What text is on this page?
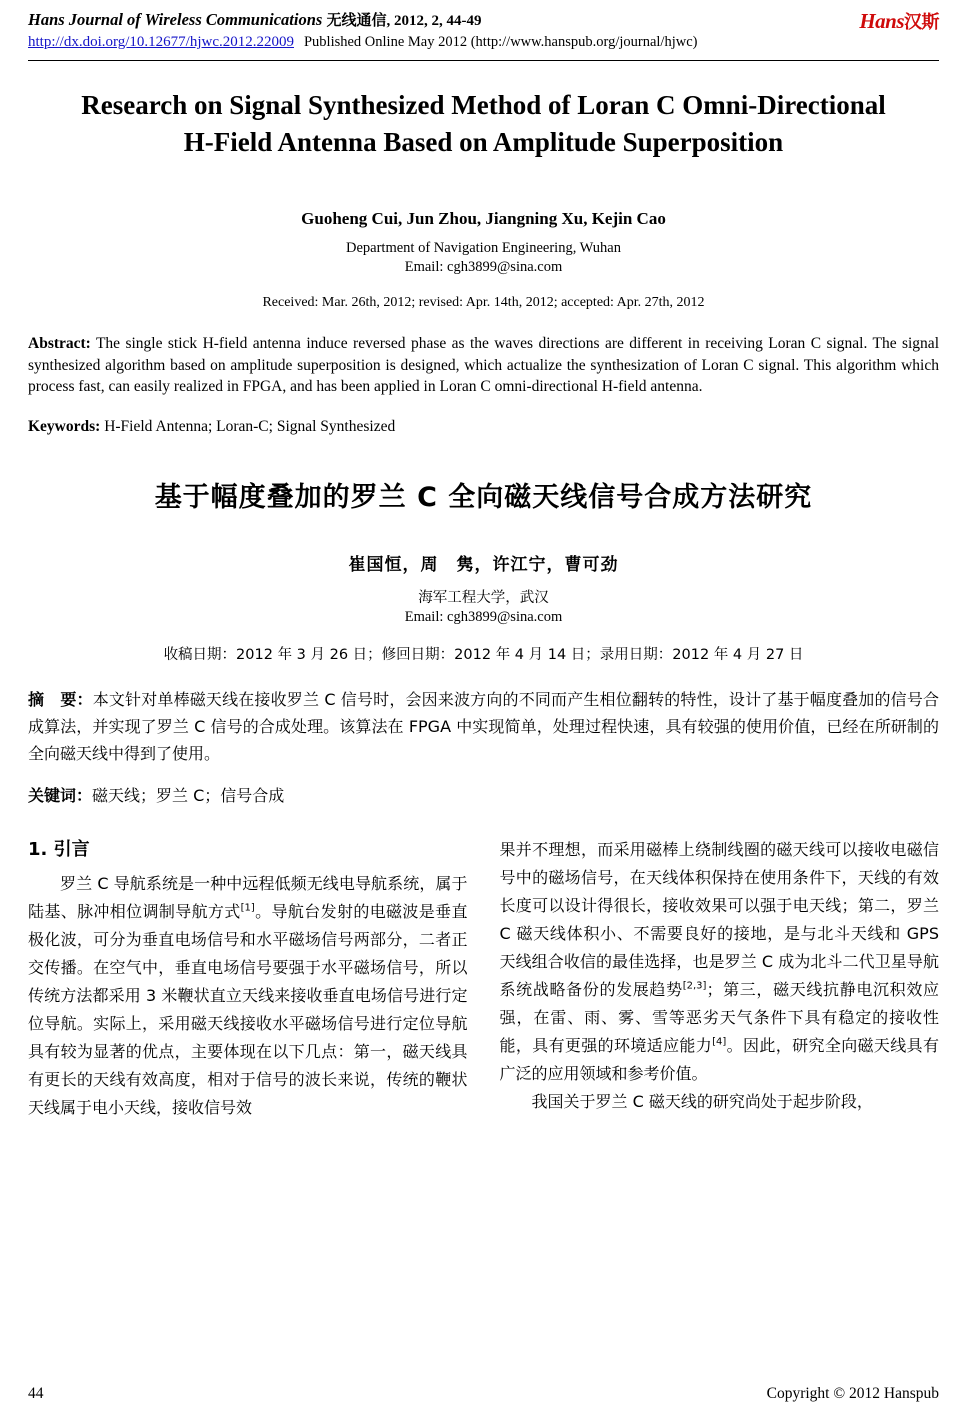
Hans Journal of Wireless Communications 无线通信, 2012, 2, 44-49
http://dx.doi.org/10.12677/hjwc.2012.22009 Published Online May 2012 (http://www.hanspub.org/journal/hjwc)
Hans汉斯
Research on Signal Synthesized Method of Loran C Omni-Directional H-Field Antenna Based on Amplitude Superposition
Guoheng Cui, Jun Zhou, Jiangning Xu, Kejin Cao
Department of Navigation Engineering, Wuhan
Email: cgh3899@sina.com
Received: Mar. 26th, 2012; revised: Apr. 14th, 2012; accepted: Apr. 27th, 2012
Abstract: The single stick H-field antenna induce reversed phase as the waves directions are different in receiving Loran C signal. The signal synthesized algorithm based on amplitude superposition is designed, which actualize the synthesization of Loran C signal. This algorithm which process fast, can easily realized in FPGA, and has been applied in Loran C omni-directional H-field antenna.
Keywords: H-Field Antenna; Loran-C; Signal Synthesized
基于幅度叠加的罗兰 C 全向磁天线信号合成方法研究
崔国恒，周　隽，许江宁，曹可劲
海军工程大学，武汉
Email: cgh3899@sina.com
收稿日期：2012 年 3 月 26 日；修回日期：2012 年 4 月 14 日；录用日期：2012 年 4 月 27 日
摘　要：本文针对单棒磁天线在接收罗兰 C 信号时，会因来波方向的不同而产生相位翻转的特性，设计了基于幅度叠加的信号合成算法，并实现了罗兰 C 信号的合成处理。该算法在 FPGA 中实现简单，处理过程快速，具有较强的使用价值，已经在所研制的全向磁天线中得到了使用。
关键词：磁天线；罗兰 C；信号合成
1. 引言
罗兰 C 导航系统是一种中远程低频无线电导航系统，属于陆基、脉冲相位调制导航方式[1]。导航台发射的电磁波是垂直极化波，可分为垂直电场信号和水平磁场信号两部分，二者正交传播。在空气中，垂直电场信号要强于水平磁场信号，所以传统方法都采用 3 米鞭状直立天线来接收垂直电场信号进行定位导航。实际上，采用磁天线接收水平磁场信号进行定位导航具有较为显著的优点，主要体现在以下几点：第一，磁天线具有更长的天线有效高度，相对于信号的波长来说，传统的鞭状天线属于电小天线，接收信号效
果并不理想，而采用磁棒上绕制线圈的磁天线可以接收电磁信号中的磁场信号，在天线体积保持在使用条件下，天线的有效长度可以设计得很长，接收效果可以强于电天线；第二，罗兰 C 磁天线体积小、不需要良好的接地，是与北斗天线和 GPS 天线组合收信的最佳选择，也是罗兰 C 成为北斗二代卫星导航系统战略备份的发展趋势[2,3]；第三，磁天线抗静电沉积效应强，在雷、雨、雾、雪等恶劣天气条件下具有稳定的接收性能，具有更强的环境适应能力[4]。因此，研究全向磁天线具有广泛的应用领域和参考价值。
我国关于罗兰 C 磁天线的研究尚处于起步阶段，
44	Copyright © 2012 Hanspub
